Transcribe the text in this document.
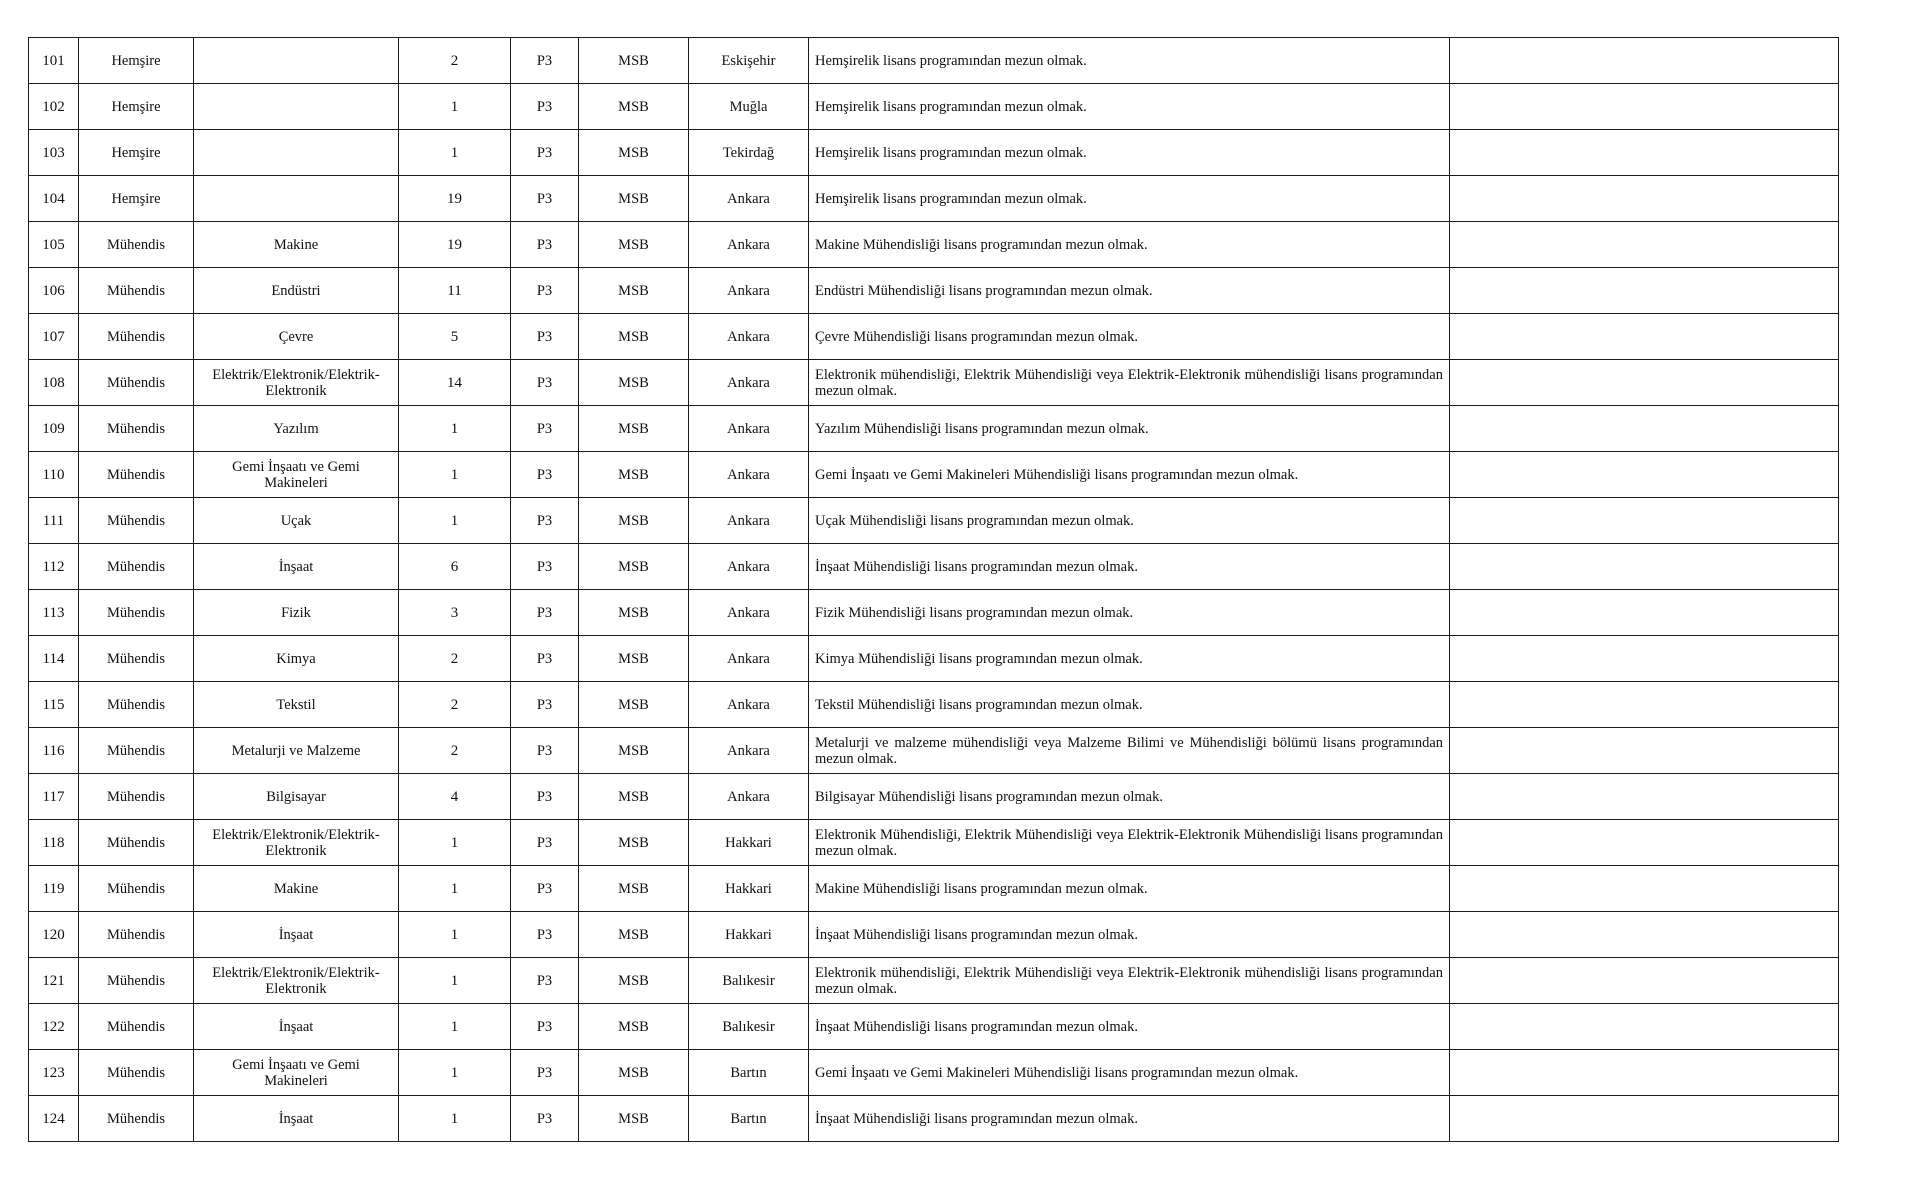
101	Hemşire		2	P3	MSB	Eskişehir	Hemşirelik lisans programından mezun olmak.	
102	Hemşire		1	P3	MSB	Muğla	Hemşirelik lisans programından mezun olmak.	
103	Hemşire		1	P3	MSB	Tekirdağ	Hemşirelik lisans programından mezun olmak.	
104	Hemşire		19	P3	MSB	Ankara	Hemşirelik lisans programından mezun olmak.	
105	Mühendis	Makine	19	P3	MSB	Ankara	Makine Mühendisliği lisans programından mezun olmak.	
106	Mühendis	Endüstri	11	P3	MSB	Ankara	Endüstri Mühendisliği lisans programından mezun olmak.	
107	Mühendis	Çevre	5	P3	MSB	Ankara	Çevre Mühendisliği lisans programından mezun olmak.	
108	Mühendis	Elektrik/Elektronik/Elektrik-Elektronik	14	P3	MSB	Ankara	Elektronik mühendisliği, Elektrik Mühendisliği veya Elektrik-Elektronik mühendisliği lisans programından mezun olmak.	
109	Mühendis	Yazılım	1	P3	MSB	Ankara	Yazılım Mühendisliği lisans programından mezun olmak.	
110	Mühendis	Gemi İnşaatı ve Gemi Makineleri	1	P3	MSB	Ankara	Gemi İnşaatı ve Gemi Makineleri Mühendisliği lisans programından mezun olmak.	
111	Mühendis	Uçak	1	P3	MSB	Ankara	Uçak Mühendisliği lisans programından mezun olmak.	
112	Mühendis	İnşaat	6	P3	MSB	Ankara	İnşaat Mühendisliği lisans programından mezun olmak.	
113	Mühendis	Fizik	3	P3	MSB	Ankara	Fizik Mühendisliği lisans programından mezun olmak.	
114	Mühendis	Kimya	2	P3	MSB	Ankara	Kimya Mühendisliği lisans programından mezun olmak.	
115	Mühendis	Tekstil	2	P3	MSB	Ankara	Tekstil Mühendisliği lisans programından mezun olmak.	
116	Mühendis	Metalurji ve Malzeme	2	P3	MSB	Ankara	Metalurji ve malzeme mühendisliği veya Malzeme Bilimi ve Mühendisliği bölümü lisans programından mezun olmak.	
117	Mühendis	Bilgisayar	4	P3	MSB	Ankara	Bilgisayar Mühendisliği lisans programından mezun olmak.	
118	Mühendis	Elektrik/Elektronik/Elektrik-Elektronik	1	P3	MSB	Hakkari	Elektronik Mühendisliği, Elektrik Mühendisliği veya Elektrik-Elektronik Mühendisliği lisans programından mezun olmak.	
119	Mühendis	Makine	1	P3	MSB	Hakkari	Makine Mühendisliği lisans programından mezun olmak.	
120	Mühendis	İnşaat	1	P3	MSB	Hakkari	İnşaat Mühendisliği lisans programından mezun olmak.	
121	Mühendis	Elektrik/Elektronik/Elektrik-Elektronik	1	P3	MSB	Balıkesir	Elektronik mühendisliği, Elektrik Mühendisliği veya Elektrik-Elektronik mühendisliği lisans programından mezun olmak.	
122	Mühendis	İnşaat	1	P3	MSB	Balıkesir	İnşaat Mühendisliği lisans programından mezun olmak.	
123	Mühendis	Gemi İnşaatı ve Gemi Makineleri	1	P3	MSB	Bartın	Gemi İnşaatı ve Gemi Makineleri Mühendisliği lisans programından mezun olmak.	
124	Mühendis	İnşaat	1	P3	MSB	Bartın	İnşaat Mühendisliği lisans programından mezun olmak.	
